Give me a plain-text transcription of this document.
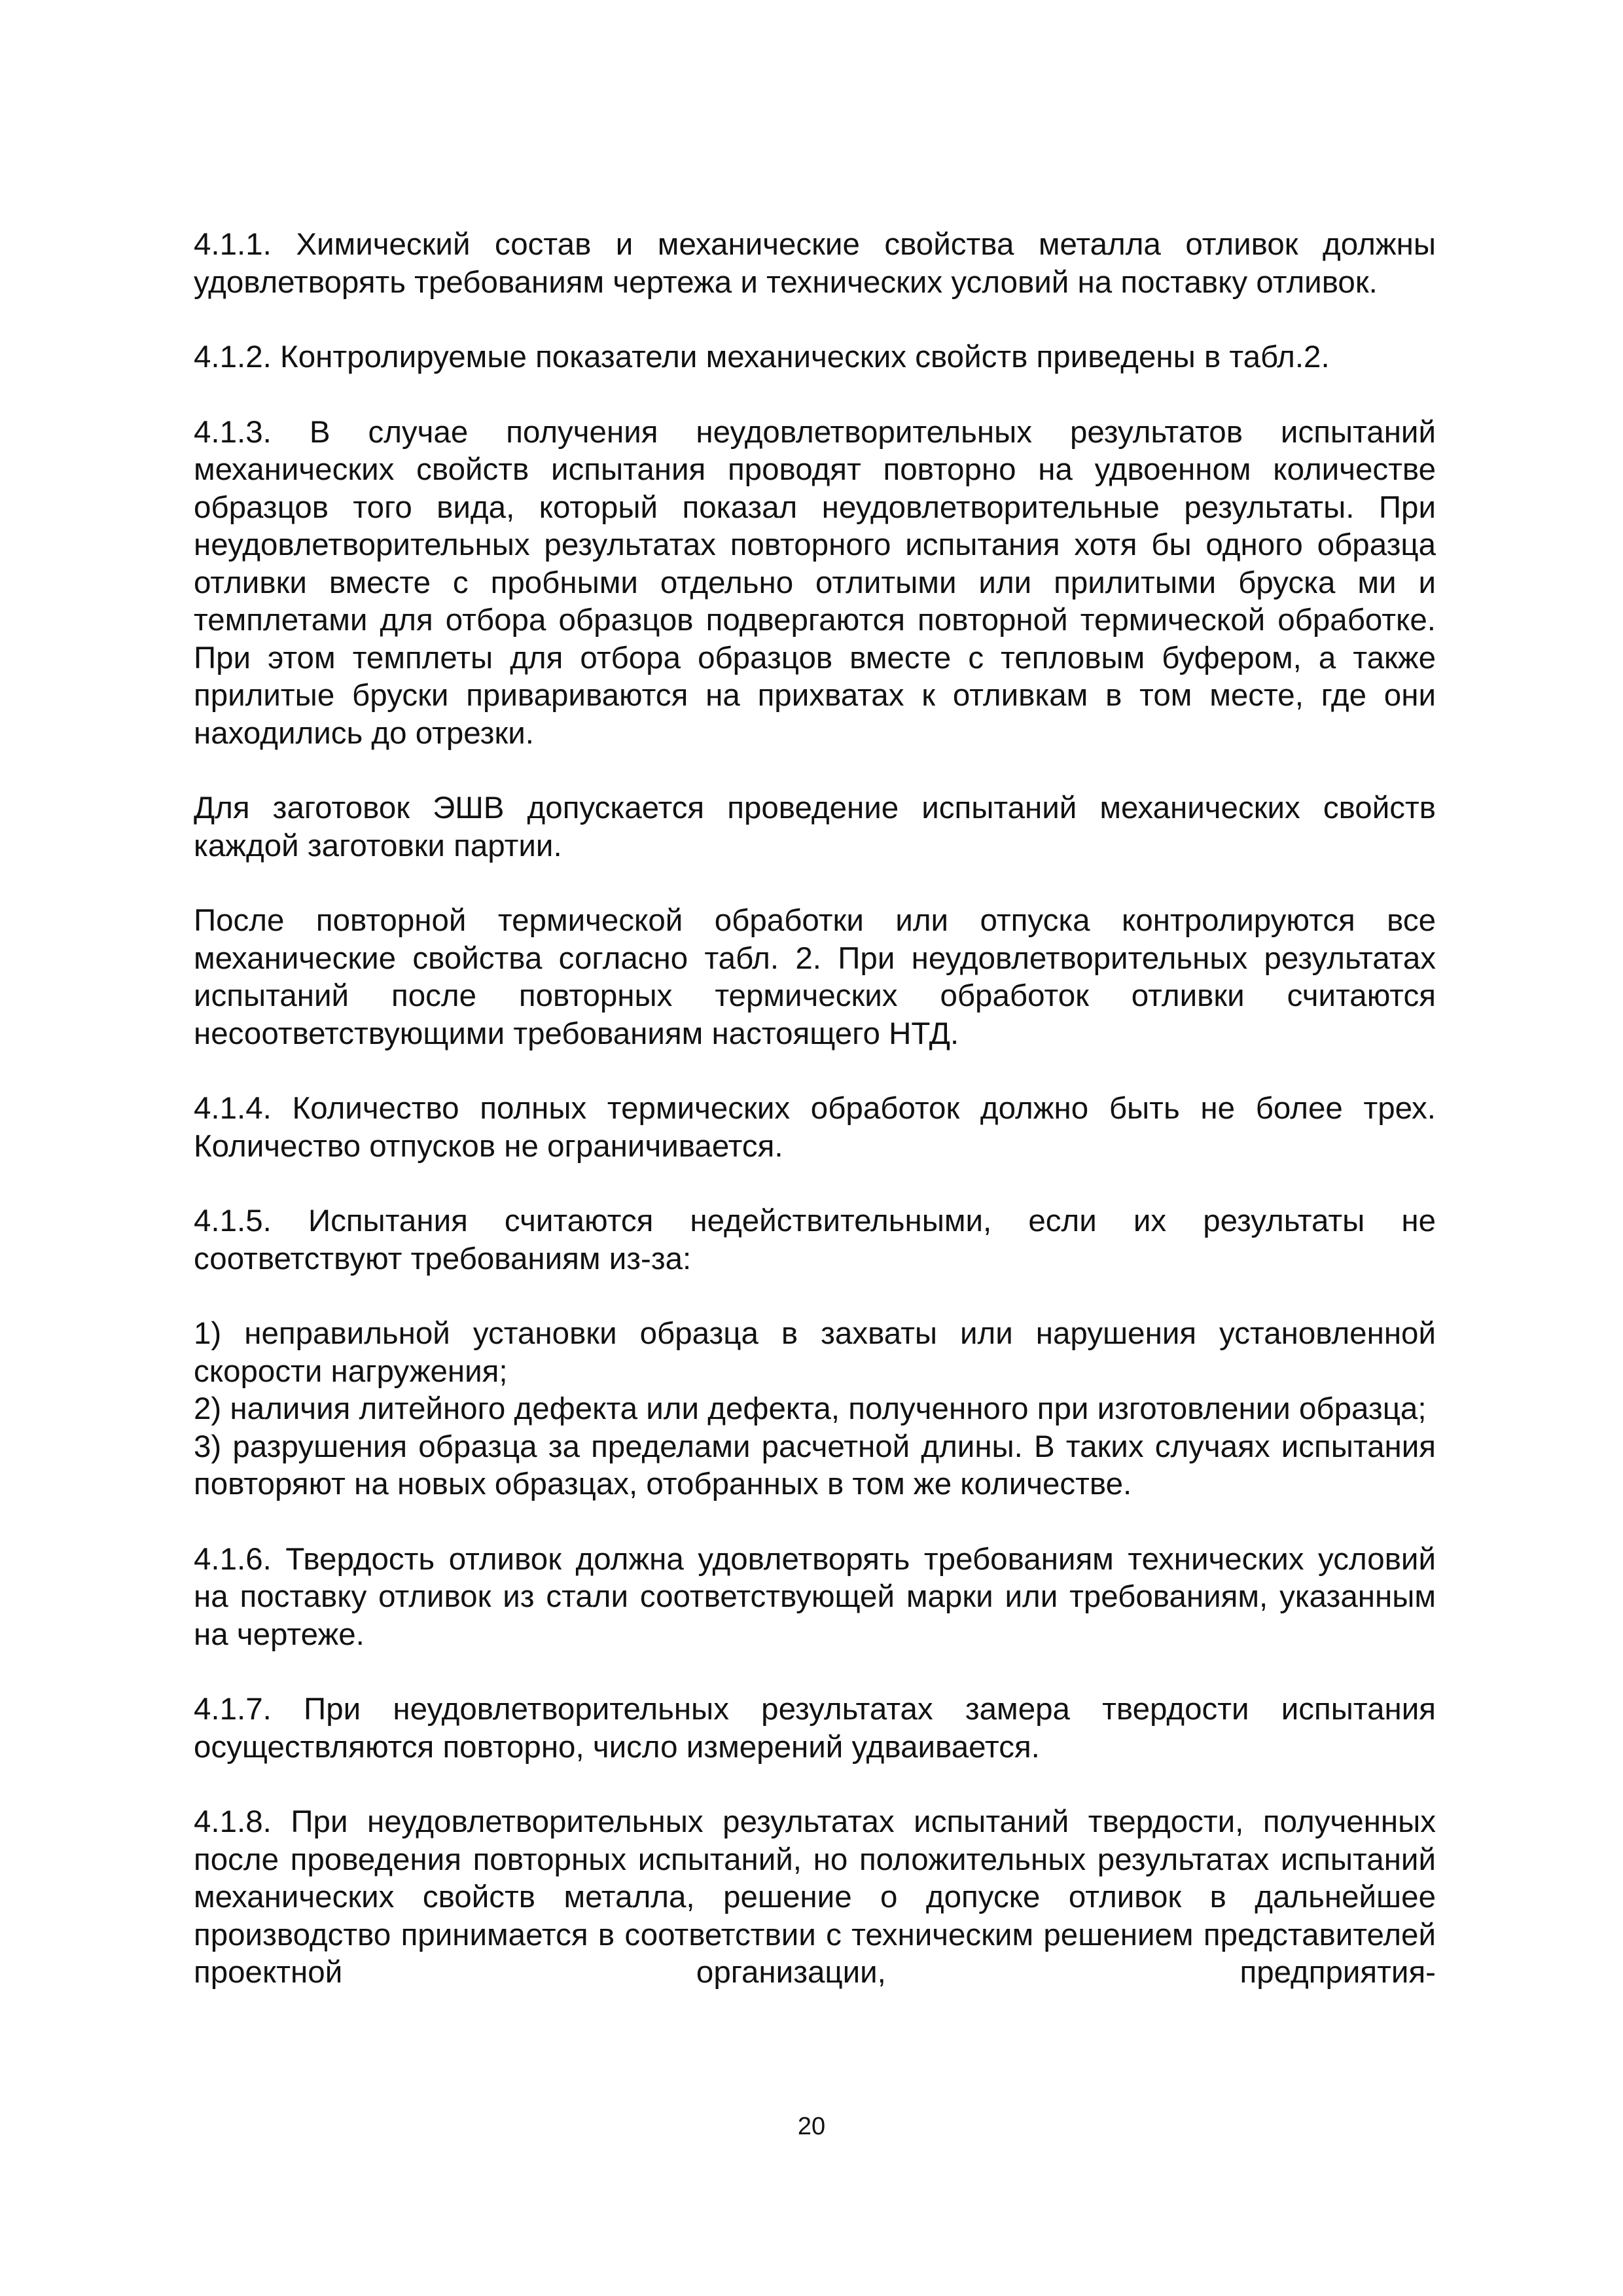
4.1.1. Химический состав и механические свойства металла отливок должны удовлетворять требованиям чертежа и технических условий на поставку отливок.

4.1.2. Контролируемые показатели механических свойств приведены в табл.2.

4.1.3. В случае получения неудовлетворительных результатов испытаний механических свойств испытания проводят повторно на удвоенном количестве образцов того вида, который показал неудовлетворительные результаты. При неудовлетворительных результатах повторного испытания хотя бы одного образца отливки вместе с пробными отдельно отлитыми или прилитыми бруска ми и темплетами для отбора образцов подвергаются повторной термической обработке. При этом темплеты для отбора образцов вместе с тепловым буфером, а также прилитые бруски привариваются на прихватах к отливкам в том месте, где они находились до отрезки.

Для заготовок ЭШВ допускается проведение испытаний механических свойств каждой заготовки партии.

После повторной термической обработки или отпуска контролируются все механические свойства согласно табл. 2. При неудовлетворительных результатах испытаний после повторных термических обработок отливки считаются несоответствующими требованиям настоящего НТД.

4.1.4. Количество полных термических обработок должно быть не более трех. Количество отпусков не ограничивается.

4.1.5. Испытания считаются недействительными, если их результаты не соответствуют требованиям из-за:

1) неправильной установки образца в захваты или нарушения установленной скорости нагружения;

2) наличия литейного дефекта или дефекта, полученного при изготовлении образца;

3) разрушения образца за пределами расчетной длины. В таких случаях испытания повторяют на новых образцах, отобранных в том же количестве.

4.1.6. Твердость отливок должна удовлетворять требованиям технических условий на поставку отливок из стали соответствующей марки или требованиям, указанным на чертеже.

4.1.7. При неудовлетворительных результатах замера твердости испытания осуществляются повторно, число измерений удваивается.

4.1.8. При неудовлетворительных результатах испытаний твердости, полученных после проведения повторных испытаний, но положительных результатах испытаний механических свойств металла, решение о допуске отливок в дальнейшее производство принимается в соответствии с техническим решением представителей проектной организации, предприятия-

20
